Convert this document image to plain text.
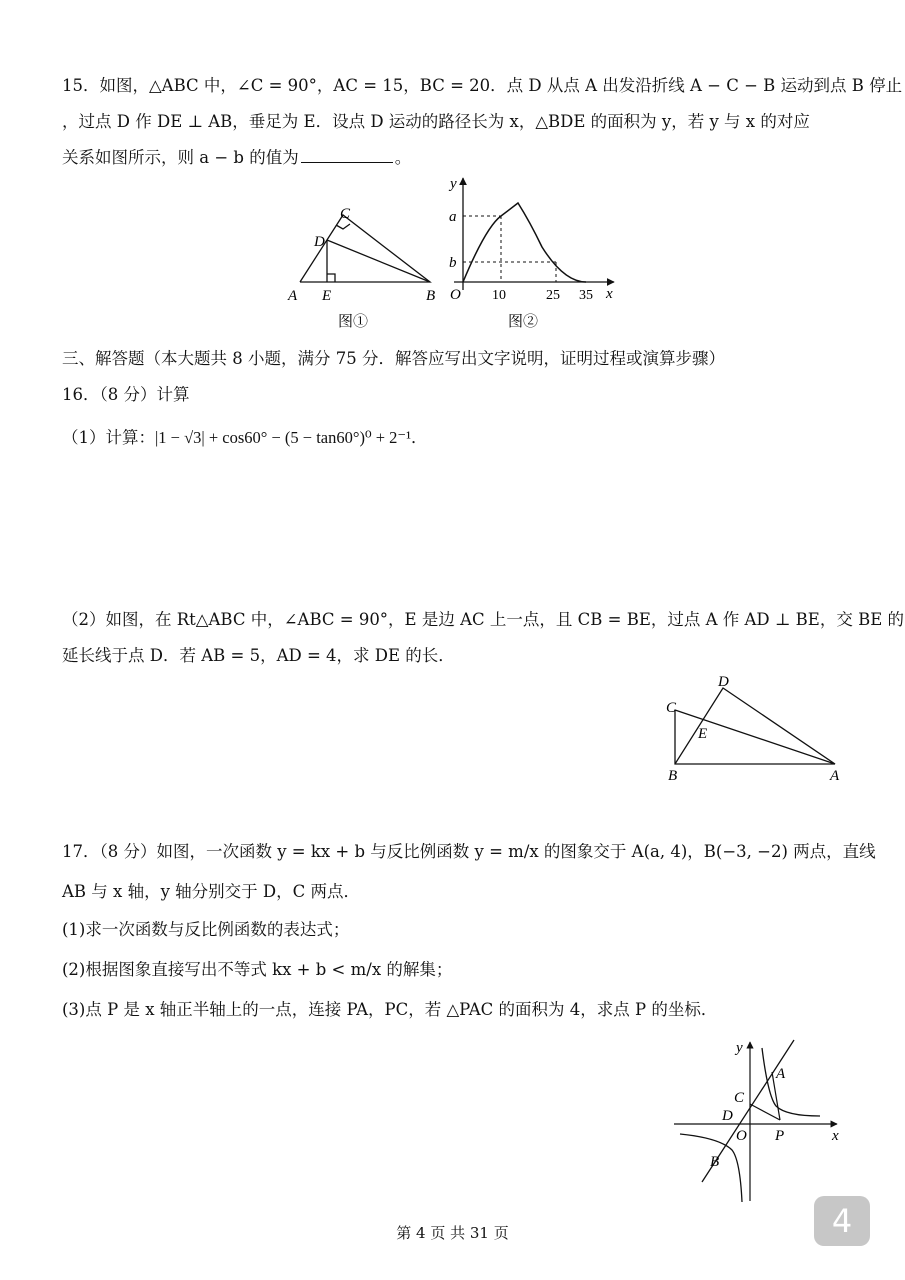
15．如图，△ABC 中，∠C = 90°，AC = 15，BC = 20．点 D 从点 A 出发沿折线 A − C − B 运动到点 B 停止
，过点 D 作 DE ⊥ AB，垂足为 E．设点 D 运动的路径长为 x，△BDE 的面积为 y，若 y 与 x 的对应
关系如图所示，则 a − b 的值为	。
A E	B
D
C
图①
y
x
O
a
b
10	25 35
图②
三、解答题（本大题共 8 小题，满分 75 分．解答应写出文字说明，证明过程或演算步骤）
16．（8 分）计算
（1）计算：|1 − √3| + cos60° − (5 − tan60°)⁰ + 2⁻¹．
（2）如图，在 Rt△ABC 中，∠ABC = 90°，E 是边 AC 上一点，且 CB = BE，过点 A 作 AD ⊥ BE，交 BE 的
延长线于点 D．若 AB = 5，AD = 4，求 DE 的长．
D
C
E
B	A
17．（8 分）如图，一次函数 y = kx + b 与反比例函数 y = m/x 的图象交于 A(a, 4)，B(−3, −2) 两点，直线
AB 与 x 轴，y 轴分别交于 D，C 两点．
(1)求一次函数与反比例函数的表达式；
(2)根据图象直接写出不等式 kx + b < m/x 的解集；
(3)点 P 是 x 轴正半轴上的一点，连接 PA，PC，若 △PAC 的面积为 4，求点 P 的坐标．
y
x
A
C
D
O P
B
第 4 页 共 31 页	4
